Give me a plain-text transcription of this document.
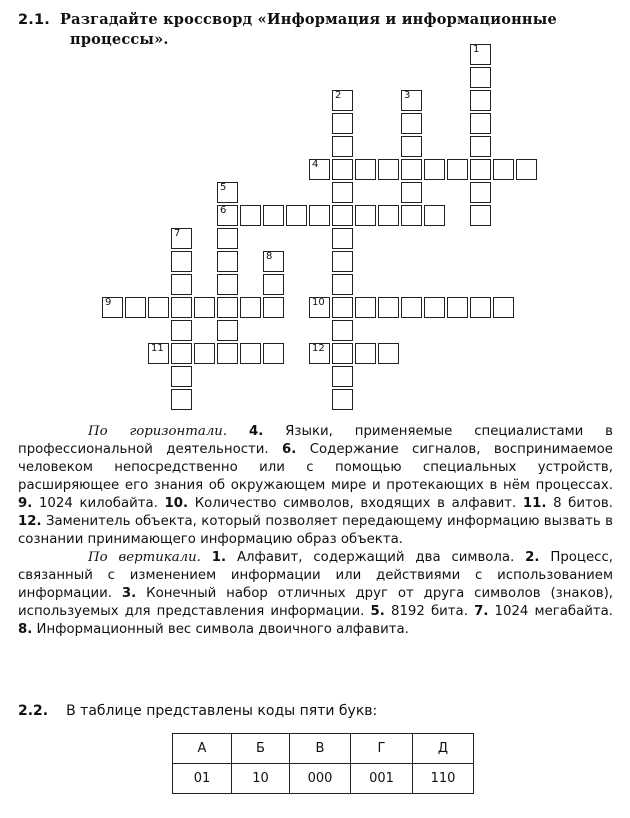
2.1. Разгадайте кроссворд «Информация и информационные
процессы».
1
2	3
4
5
6
7
8
9	10
11	12

По горизонтали. 4. Языки, применяемые специалистами в профессиональной деятельности. 6. Содержание сигналов, воспринимаемое человеком непосредственно или с помощью специальных устройств, расширяющее его знания об окружающем мире и протекающих в нём процессах. 9. 1024 килобайта. 10. Количество символов, входящих в алфавит. 11. 8 битов. 12. Заменитель объекта, который позволяет передающему информацию вызвать в сознании принимающего информацию образ объекта.

По вертикали. 1. Алфавит, содержащий два символа. 2. Процесс, связанный с изменением информации или действиями с использованием информации. 3. Конечный набор отличных друг от друга символов (знаков), используемых для представления информации. 5. 8192 бита. 7. 1024 мегабайта. 8. Информационный вес символа двоичного алфавита.

2.2. В таблице представлены коды пяти букв:
А	Б	В	Г	Д
01	10	000	001	110
